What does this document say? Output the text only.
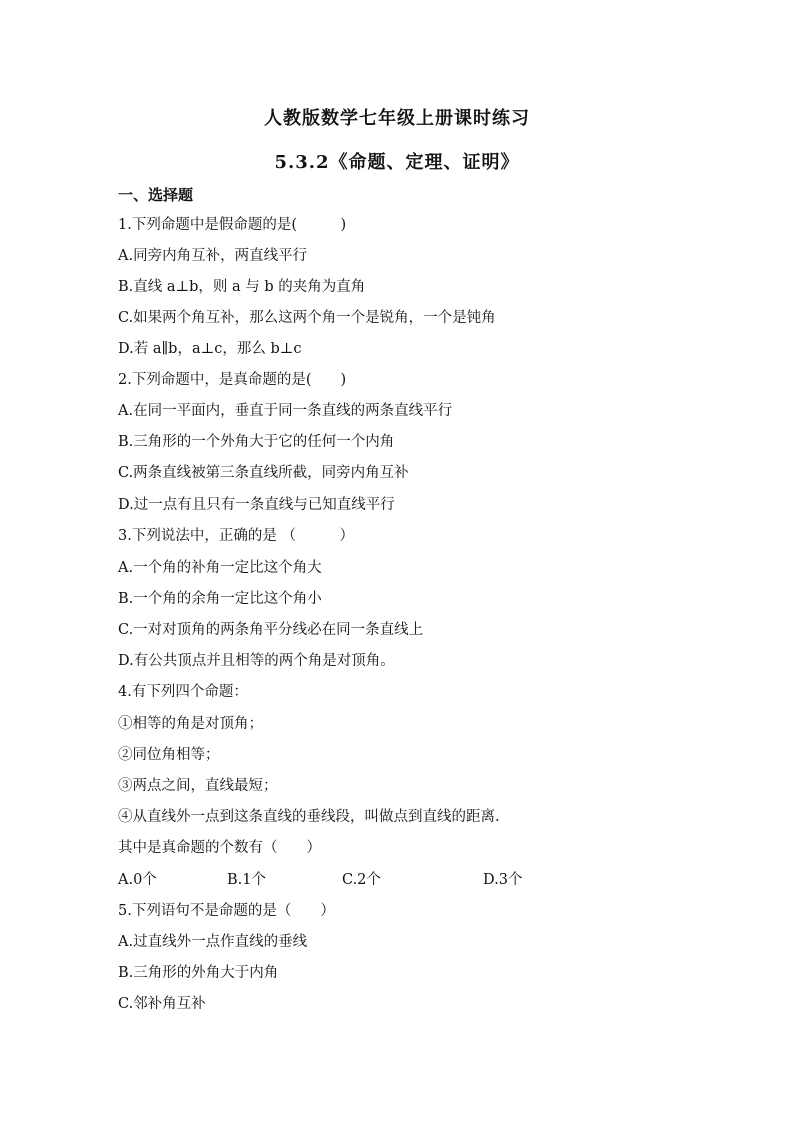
人教版数学七年级上册课时练习
5.3.2《命题、定理、证明》
一、选择题
1.下列命题中是假命题的是(　　　)
A.同旁内角互补，两直线平行
B.直线 a⊥b，则 a 与 b 的夹角为直角
C.如果两个角互补，那么这两个角一个是锐角，一个是钝角
D.若 a∥b，a⊥c，那么 b⊥c
2.下列命题中，是真命题的是(　　)
A.在同一平面内，垂直于同一条直线的两条直线平行
B.三角形的一个外角大于它的任何一个内角
C.两条直线被第三条直线所截，同旁内角互补
D.过一点有且只有一条直线与已知直线平行
3.下列说法中，正确的是 （　　　）
A.一个角的补角一定比这个角大
B.一个角的余角一定比这个角小
C.一对对顶角的两条角平分线必在同一条直线上
D.有公共顶点并且相等的两个角是对顶角。
4.有下列四个命题：
①相等的角是对顶角；
②同位角相等；
③两点之间，直线最短；
④从直线外一点到这条直线的垂线段，叫做点到直线的距离.
其中是真命题的个数有（　　）
A.0个	B.1个	C.2个	D.3个
5.下列语句不是命题的是（　　）
A.过直线外一点作直线的垂线
B.三角形的外角大于内角
C.邻补角互补
